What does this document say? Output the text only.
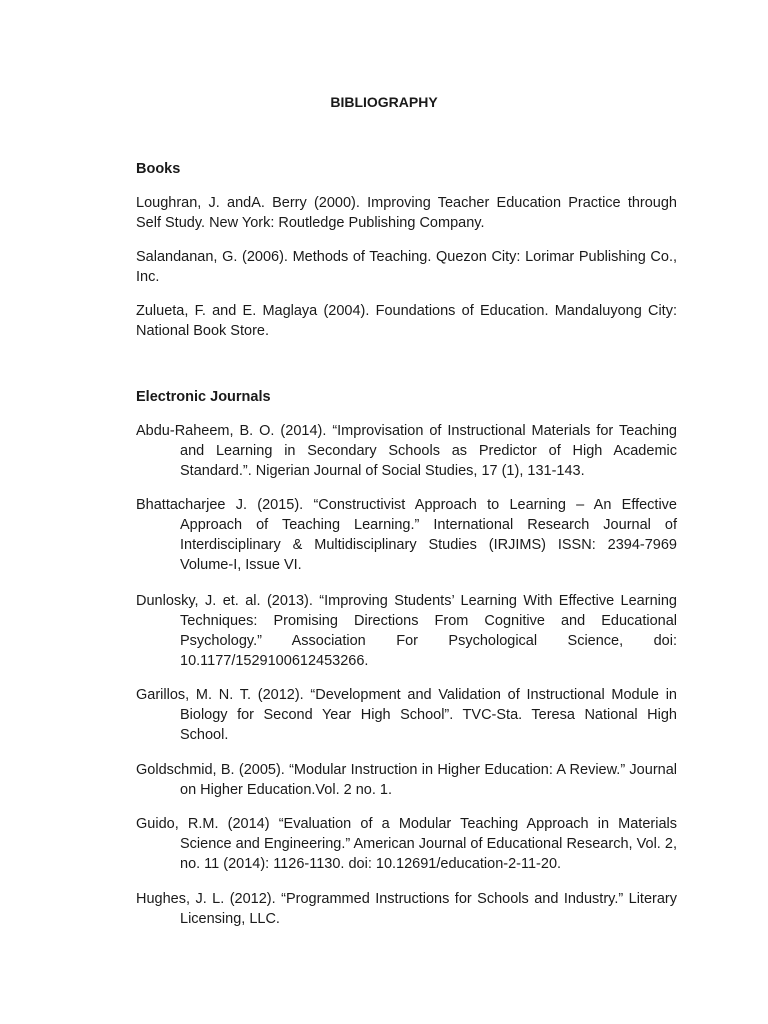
BIBLIOGRAPHY
Books

Loughran, J. andA. Berry (2000). Improving Teacher Education Practice through Self Study. New York: Routledge Publishing Company.

Salandanan, G. (2006). Methods of Teaching. Quezon City: Lorimar Publishing Co., Inc.

Zulueta, F. and E. Maglaya (2004). Foundations of Education. Mandaluyong City: National Book Store.

Electronic Journals

Abdu-Raheem, B. O. (2014). “Improvisation of Instructional Materials for Teaching and Learning in Secondary Schools as Predictor of High Academic Standard.”. Nigerian Journal of Social Studies, 17 (1), 131-143.

Bhattacharjee J. (2015). “Constructivist Approach to Learning – An Effective Approach of Teaching Learning.” International Research Journal of Interdisciplinary & Multidisciplinary Studies (IRJIMS) ISSN: 2394-7969 Volume-I, Issue VI.

Dunlosky, J. et. al. (2013). “Improving Students’ Learning With Effective Learning Techniques: Promising Directions From Cognitive and Educational Psychology.” Association For Psychological Science, doi: 10.1177/1529100612453266.

Garillos, M. N. T. (2012). “Development and Validation of Instructional Module in Biology for Second Year High School”. TVC-Sta. Teresa National High School.

Goldschmid, B. (2005). “Modular Instruction in Higher Education: A Review.” Journal on Higher Education.Vol. 2 no. 1.

Guido, R.M. (2014) “Evaluation of a Modular Teaching Approach in Materials Science and Engineering.” American Journal of Educational Research, Vol. 2, no. 11 (2014): 1126-1130. doi: 10.12691/education-2-11-20.

Hughes, J. L. (2012). “Programmed Instructions for Schools and Industry.” Literary Licensing, LLC.
